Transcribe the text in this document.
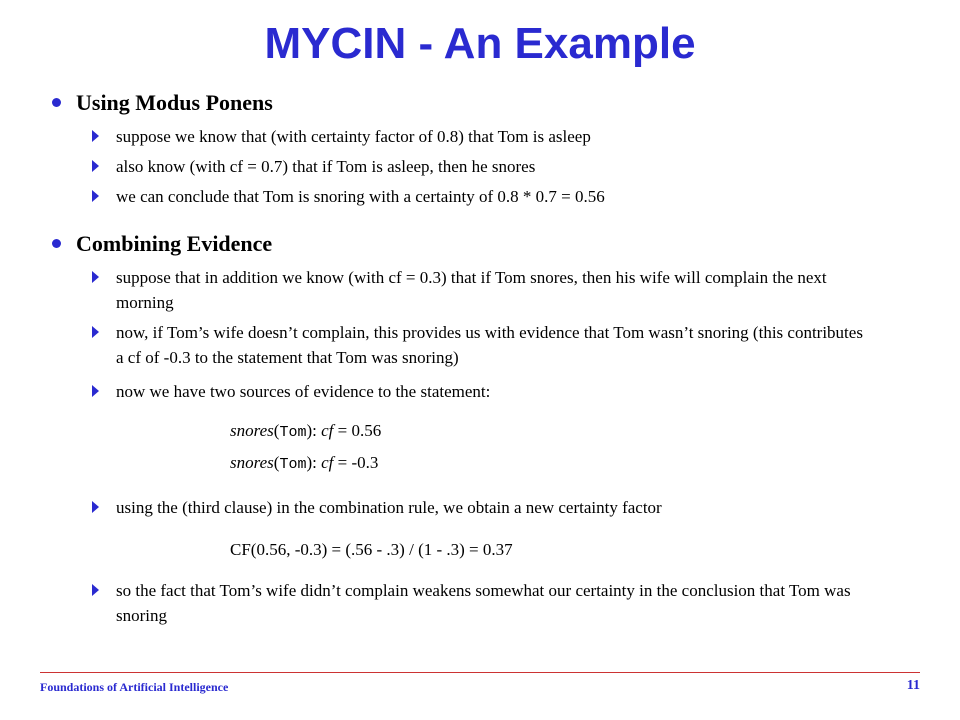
MYCIN - An Example
Using Modus Ponens
suppose we know that (with certainty factor of 0.8) that Tom is asleep
also know (with cf = 0.7) that if Tom is asleep, then he snores
we can conclude that Tom is snoring with a certainty of 0.8 * 0.7 = 0.56
Combining Evidence
suppose that in addition we know (with cf = 0.3) that if Tom snores, then his wife will complain the next morning
now, if Tom’s wife doesn’t complain, this provides us with evidence that Tom wasn’t snoring (this contributes a cf of -0.3 to the statement that Tom was snoring)
now we have two sources of evidence to the statement:
snores(Tom): cf = 0.56
snores(Tom): cf = -0.3
using the (third clause) in the combination rule, we obtain a new certainty factor
CF(0.56, -0.3) = (.56 - .3) / (1 - .3) = 0.37
so the fact that Tom’s wife didn’t complain weakens somewhat our certainty in the conclusion that Tom was snoring
Foundations of Artificial Intelligence	11
